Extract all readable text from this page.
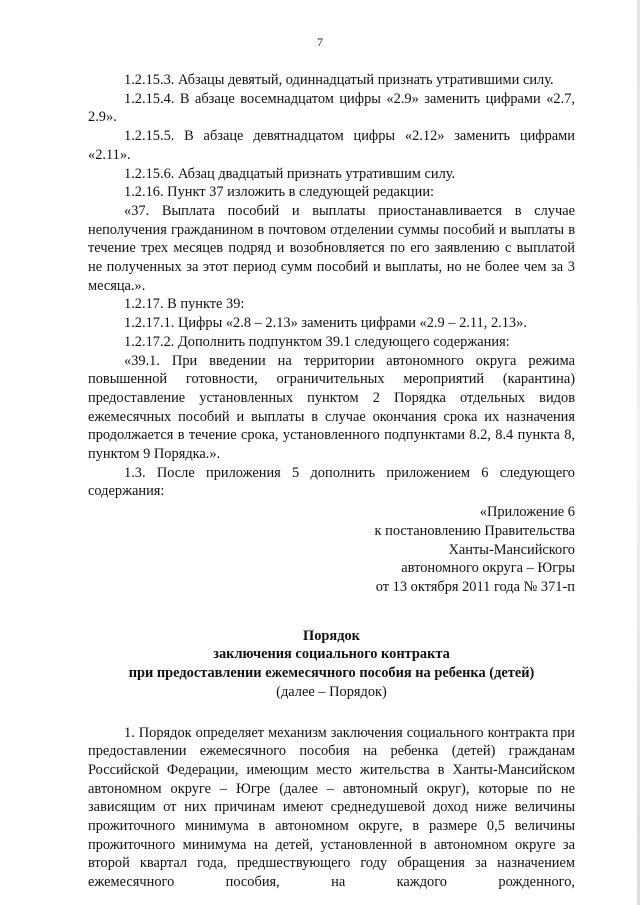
7

1.2.15.3. Абзацы девятый, одиннадцатый признать утратившими силу.

1.2.15.4. В абзаце восемнадцатом цифры «2.9» заменить цифрами «2.7, 2.9».

1.2.15.5. В абзаце девятнадцатом цифры «2.12» заменить цифрами «2.11».

1.2.15.6. Абзац двадцатый признать утратившим силу.

1.2.16. Пункт 37 изложить в следующей редакции:

«37. Выплата пособий и выплаты приостанавливается в случае неполучения гражданином в почтовом отделении суммы пособий и выплаты в течение трех месяцев подряд и возобновляется по его заявлению с выплатой не полученных за этот период сумм пособий и выплаты, но не более чем за 3 месяца.».

1.2.17. В пункте 39:

1.2.17.1. Цифры «2.8 – 2.13» заменить цифрами «2.9 – 2.11, 2.13».

1.2.17.2. Дополнить подпунктом 39.1 следующего содержания:

«39.1. При введении на территории автономного округа режима повышенной готовности, ограничительных мероприятий (карантина) предоставление установленных пунктом 2 Порядка отдельных видов ежемесячных пособий и выплаты в случае окончания срока их назначения продолжается в течение срока, установленного подпунктами 8.2, 8.4 пункта 8, пунктом 9 Порядка.».

1.3. После приложения 5 дополнить приложением 6 следующего содержания:

«Приложение 6

к постановлению Правительства

Ханты-Мансийского

автономного округа – Югры

от 13 октября 2011 года № 371-п

Порядок

заключения социального контракта

при предоставлении ежемесячного пособия на ребенка (детей)

(далее – Порядок)

1. Порядок определяет механизм заключения социального контракта при предоставлении ежемесячного пособия на ребенка (детей) гражданам Российской Федерации, имеющим место жительства в Ханты-Мансийском автономном округе – Югре (далее – автономный округ), которые по не зависящим от них причинам имеют среднедушевой доход ниже величины прожиточного минимума в автономном округе, в размере 0,5 величины прожиточного минимума на детей, установленной в автономном округе за второй квартал года, предшествующего году обращения за назначением ежемесячного пособия, на каждого рожденного,
